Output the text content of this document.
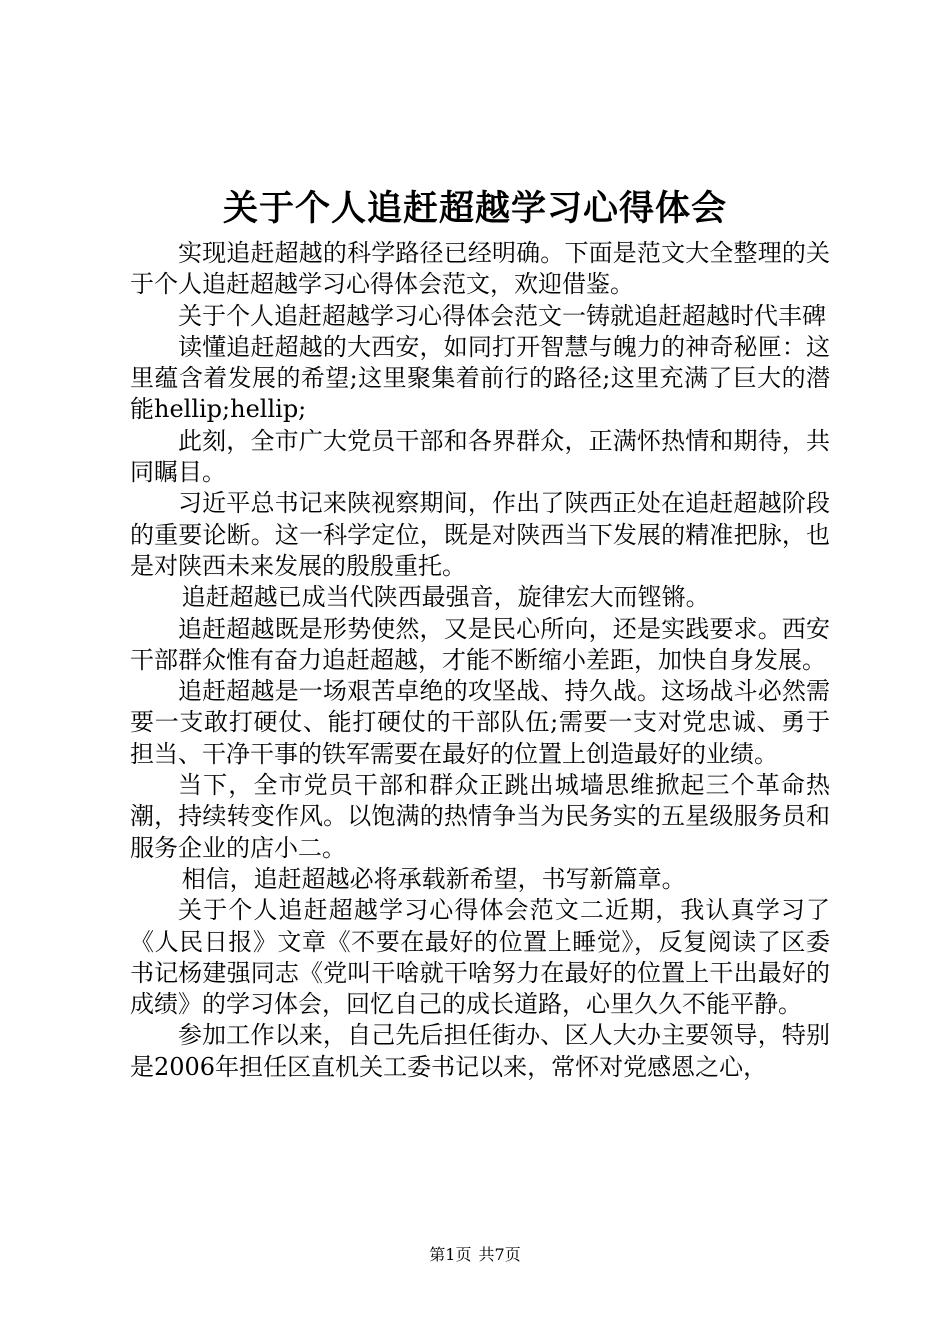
关于个人追赶超越学习心得体会

实现追赶超越的科学路径已经明确。下面是范文大全整理的关于个人追赶超越学习心得体会范文，欢迎借鉴。

关于个人追赶超越学习心得体会范文一铸就追赶超越时代丰碑

读懂追赶超越的大西安，如同打开智慧与魄力的神奇秘匣：这里蕴含着发展的希望;这里聚集着前行的路径;这里充满了巨大的潜能hellip;hellip;

此刻，全市广大党员干部和各界群众，正满怀热情和期待，共同瞩目。

习近平总书记来陕视察期间，作出了陕西正处在追赶超越阶段的重要论断。这一科学定位，既是对陕西当下发展的精准把脉，也是对陕西未来发展的殷殷重托。

追赶超越已成当代陕西最强音，旋律宏大而铿锵。

追赶超越既是形势使然，又是民心所向，还是实践要求。西安干部群众惟有奋力追赶超越，才能不断缩小差距，加快自身发展。

追赶超越是一场艰苦卓绝的攻坚战、持久战。这场战斗必然需要一支敢打硬仗、能打硬仗的干部队伍;需要一支对党忠诚、勇于担当、干净干事的铁军需要在最好的位置上创造最好的业绩。

当下，全市党员干部和群众正跳出城墙思维掀起三个革命热潮，持续转变作风。以饱满的热情争当为民务实的五星级服务员和服务企业的店小二。

相信，追赶超越必将承载新希望，书写新篇章。

关于个人追赶超越学习心得体会范文二近期，我认真学习了《人民日报》文章《不要在最好的位置上睡觉》，反复阅读了区委书记杨建强同志《党叫干啥就干啥努力在最好的位置上干出最好的成绩》的学习体会，回忆自己的成长道路，心里久久不能平静。

参加工作以来，自己先后担任街办、区人大办主要领导，特别是2006年担任区直机关工委书记以来，常怀对党感恩之心，

第1页 共7页
